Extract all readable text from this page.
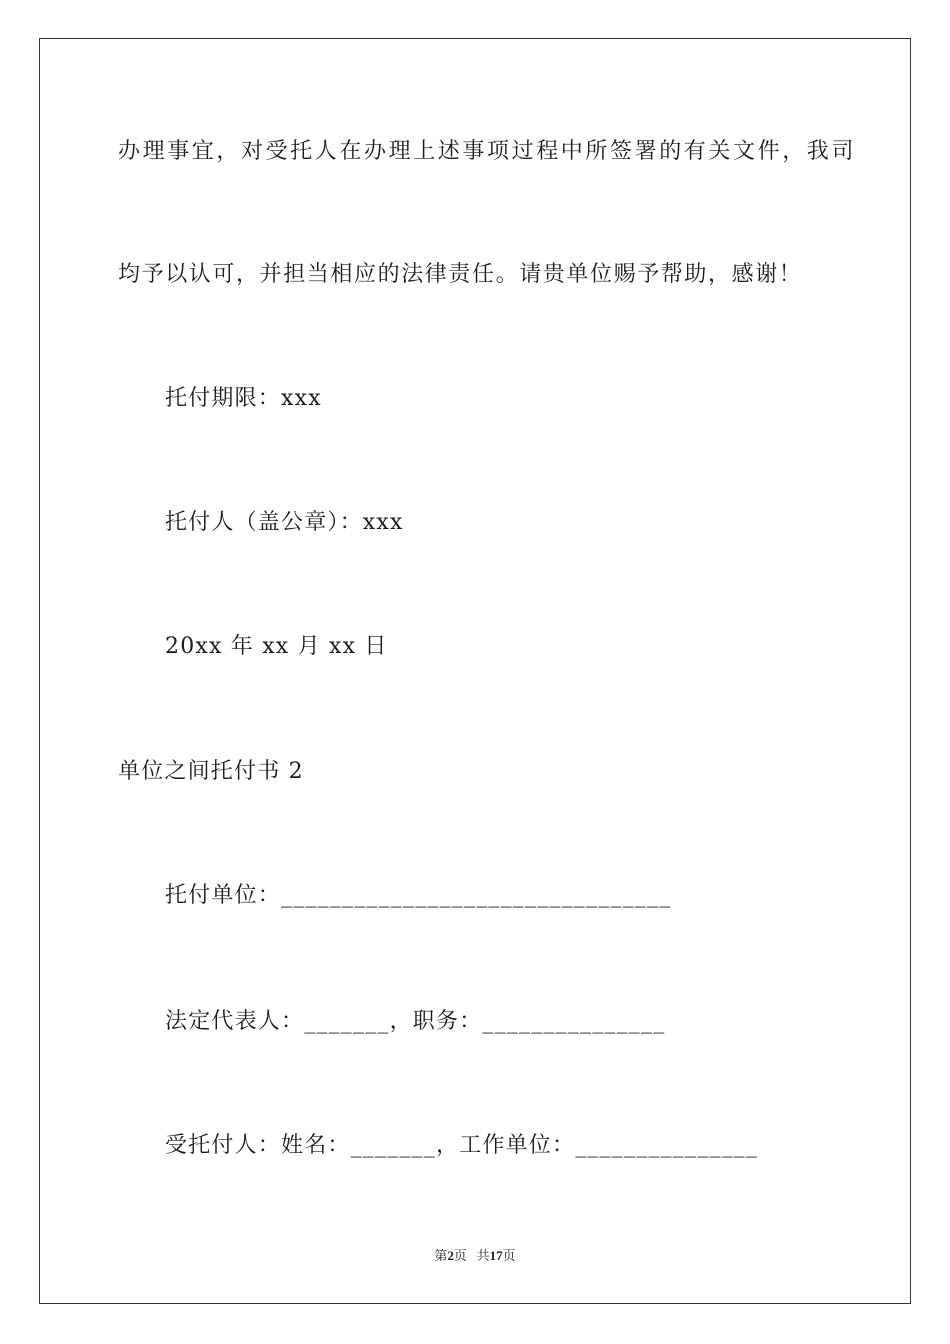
办理事宜，对受托人在办理上述事项过程中所签署的有关文件，我司
均予以认可，并担当相应的法律责任。请贵单位赐予帮助，感谢！
托付期限：xxx
托付人（盖公章）：xxx
20xx 年 xx 月 xx 日
单位之间托付书 2
托付单位：________________________________
法定代表人：_______，职务：_______________
受托付人：姓名：_______，工作单位：_______________
第2页 共17页
